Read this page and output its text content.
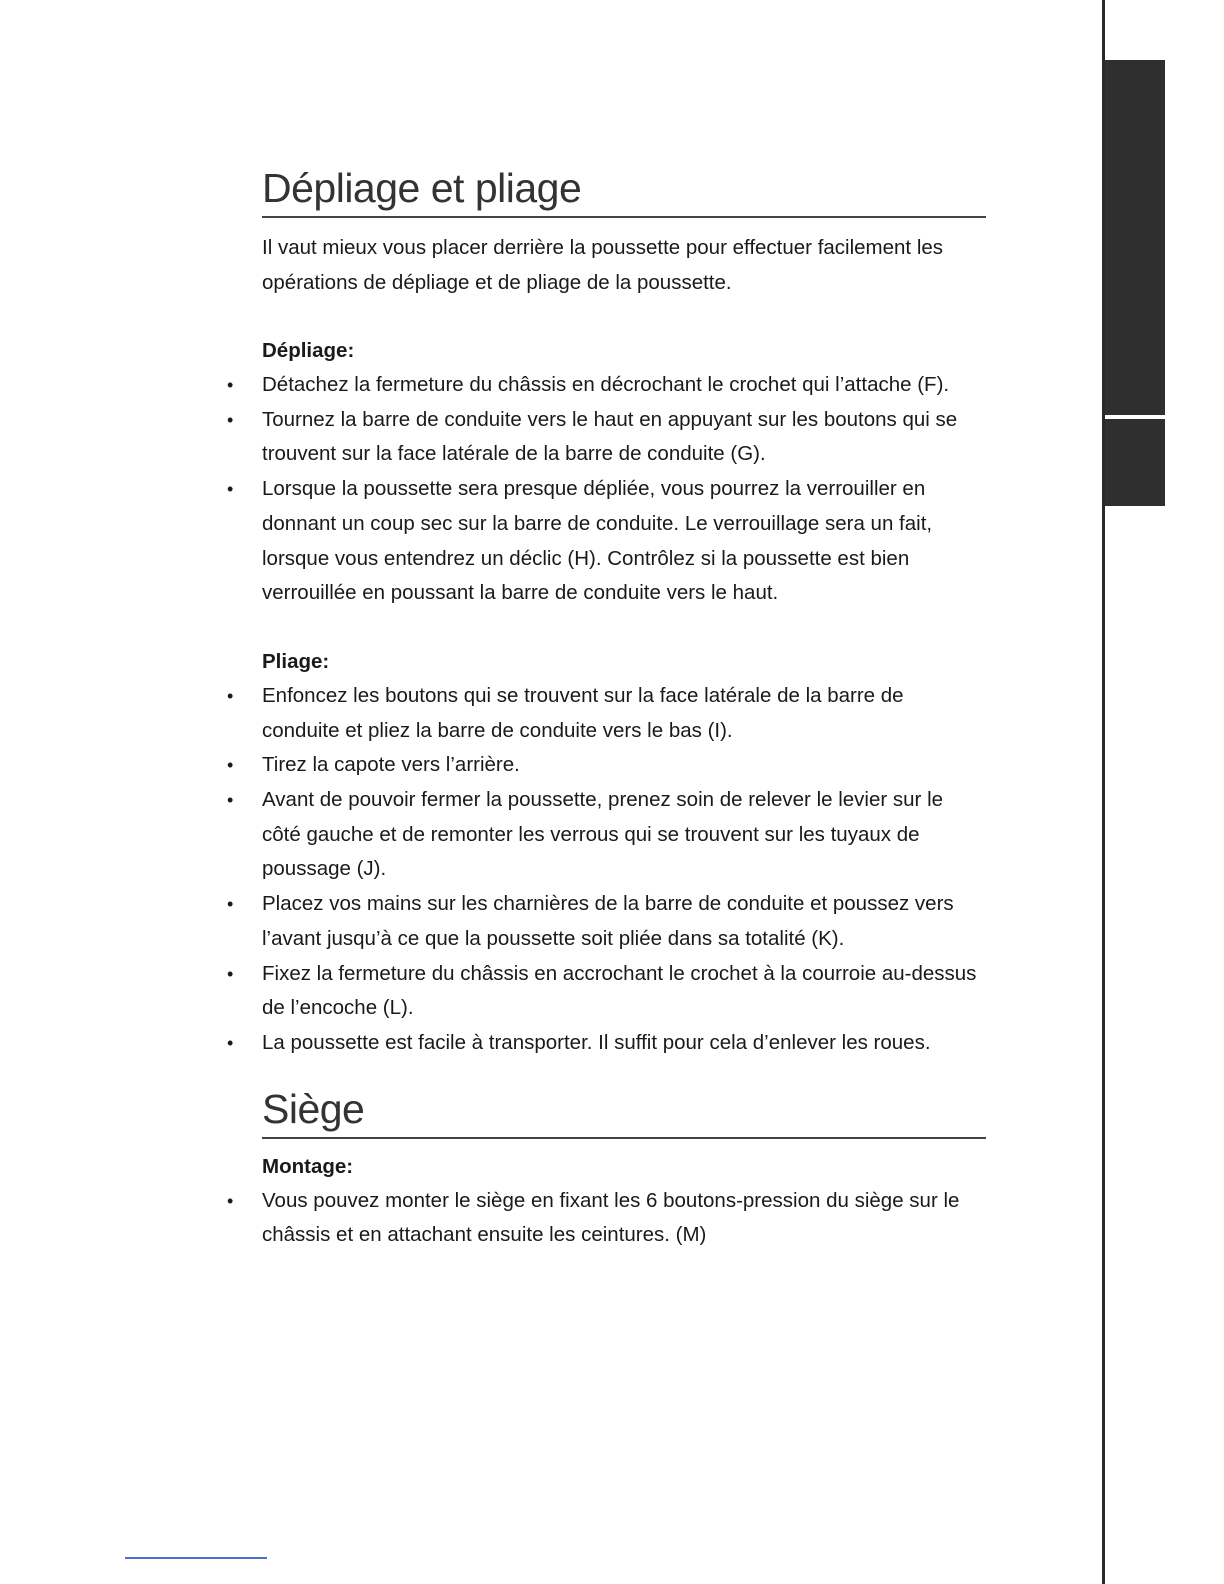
Dépliage et pliage

Il vaut mieux vous placer derrière la poussette pour effectuer facilement les opérations de dépliage et de pliage de la poussette.

Dépliage:
• Détachez la fermeture du châssis en décrochant le crochet qui l’attache (F).
• Tournez la barre de conduite vers le haut en appuyant sur les boutons qui se trouvent sur la face latérale de la barre de conduite (G).
• Lorsque la poussette sera presque dépliée, vous pourrez la verrouiller en donnant un coup sec sur la barre de conduite. Le verrouillage sera un fait, lorsque vous entendrez un déclic (H). Contrôlez si la poussette est bien verrouillée en poussant la barre de conduite vers le haut.
Pliage:
• Enfoncez les boutons qui se trouvent sur la face latérale de la barre de conduite et pliez la barre de conduite vers le bas (I).
• Tirez la capote vers l’arrière.
• Avant de pouvoir fermer la poussette, prenez soin de relever le levier sur le côté gauche et de remonter les verrous qui se trouvent sur les tuyaux de poussage (J).
• Placez vos mains sur les charnières de la barre de conduite et poussez vers l’avant jusqu’à ce que la poussette soit pliée dans sa totalité (K).
• Fixez la fermeture du châssis en accrochant le crochet à la courroie au-dessus de l’encoche (L).
• La poussette est facile à transporter. Il suffit pour cela d’enlever les roues.
Siège
Montage:
• Vous pouvez monter le siège en fixant les 6 boutons-pression du siège sur le châssis et en attachant ensuite les ceintures. (M)
